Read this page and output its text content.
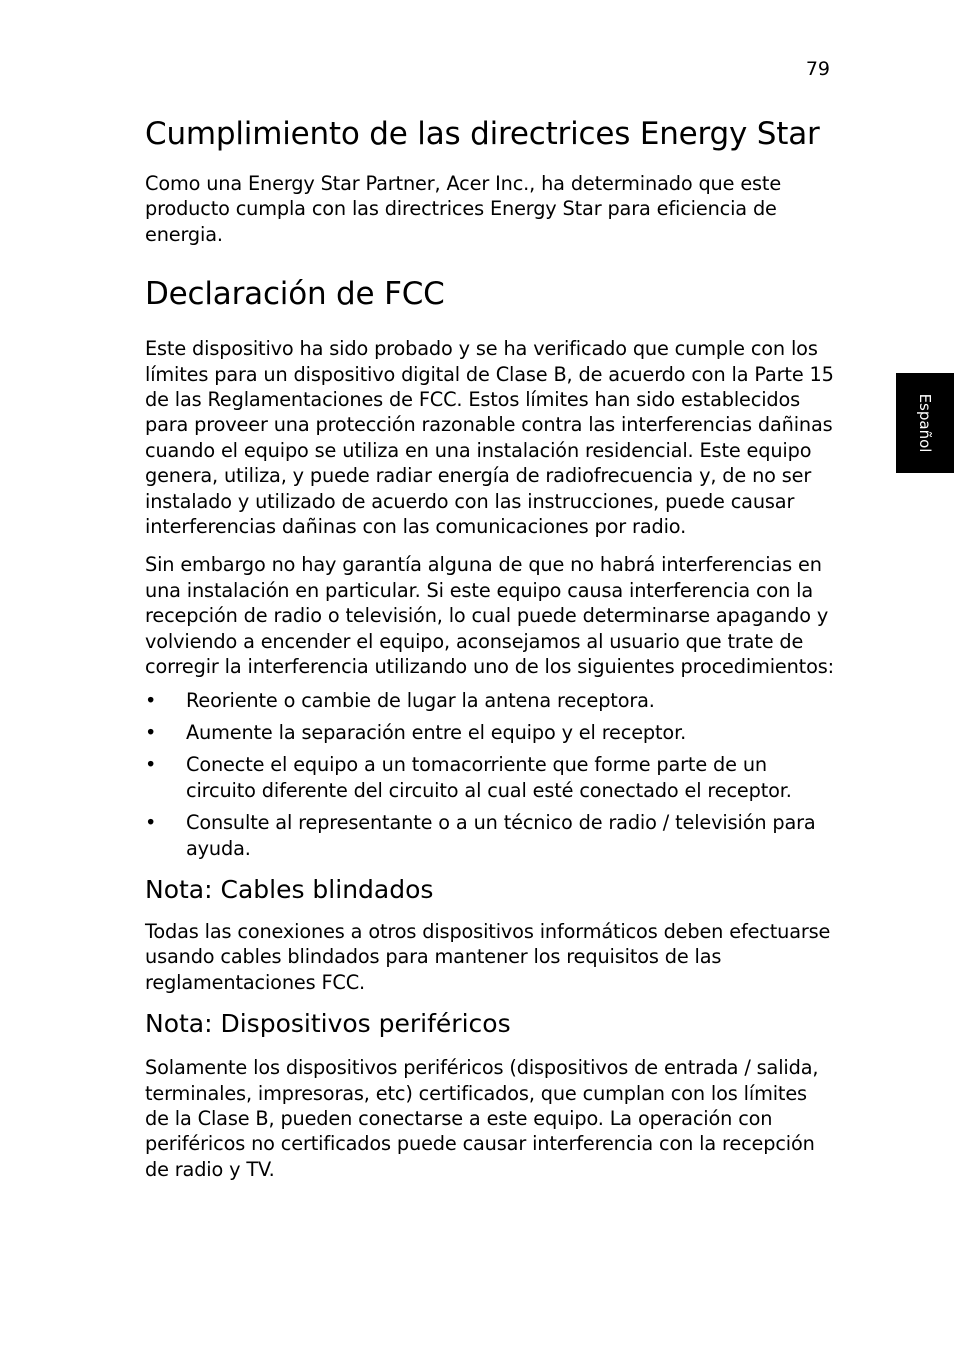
79
Español
Cumplimiento de las directrices Energy Star

Como una Energy Star Partner, Acer Inc., ha determinado que este producto cumpla con las directrices Energy Star para eficiencia de energia.

Declaración de FCC

Este dispositivo ha sido probado y se ha verificado que cumple con los límites para un dispositivo digital de Clase B, de acuerdo con la Parte 15 de las Reglamentaciones de FCC. Estos límites han sido establecidos para proveer una protección razonable contra las interferencias dañinas cuando el equipo se utiliza en una instalación residencial. Este equipo genera, utiliza, y puede radiar energía de radiofrecuencia y, de no ser instalado y utilizado de acuerdo con las instrucciones, puede causar interferencias dañinas con las comunicaciones por radio.

Sin embargo no hay garantía alguna de que no habrá interferencias en una instalación en particular. Si este equipo causa interferencia con la recepción de radio o televisión, lo cual puede determinarse apagando y volviendo a encender el equipo, aconsejamos al usuario que trate de corregir la interferencia utilizando uno de los siguientes procedimientos:

• Reoriente o cambie de lugar la antena receptora.
• Aumente la separación entre el equipo y el receptor.
• Conecte el equipo a un tomacorriente que forme parte de un circuito diferente del circuito al cual esté conectado el receptor.
• Consulte al representante o a un técnico de radio / televisión para ayuda.
Nota: Cables blindados

Todas las conexiones a otros dispositivos informáticos deben efectuarse usando cables blindados para mantener los requisitos de las reglamentaciones FCC.

Nota: Dispositivos periféricos

Solamente los dispositivos periféricos (dispositivos de entrada / salida, terminales, impresoras, etc) certificados, que cumplan con los límites de la Clase B, pueden conectarse a este equipo. La operación con periféricos no certificados puede causar interferencia con la recepción de radio y TV.
